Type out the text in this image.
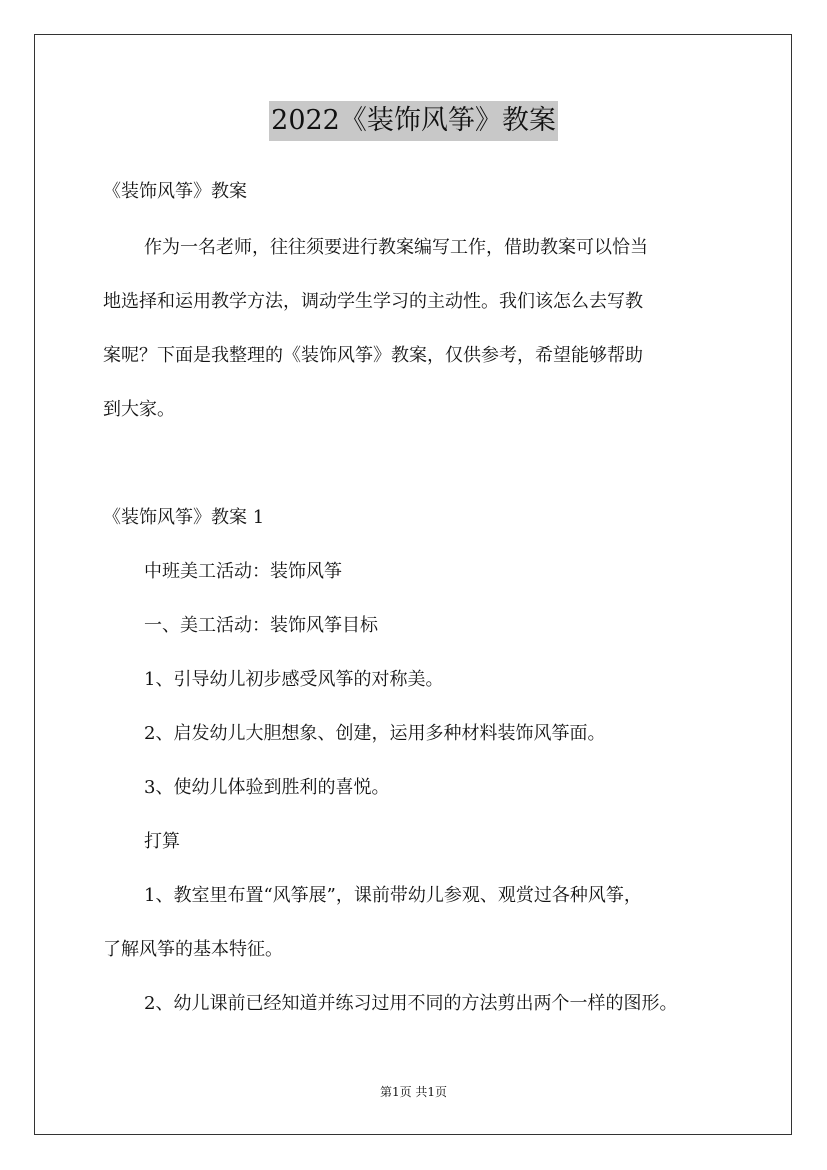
2022《装饰风筝》教案
《装饰风筝》教案
作为一名老师，往往须要进行教案编写工作，借助教案可以恰当
地选择和运用教学方法，调动学生学习的主动性。我们该怎么去写教
案呢？下面是我整理的《装饰风筝》教案，仅供参考，希望能够帮助
到大家。
《装饰风筝》教案 1
中班美工活动：装饰风筝
一、美工活动：装饰风筝目标
1、引导幼儿初步感受风筝的对称美。
2、启发幼儿大胆想象、创建，运用多种材料装饰风筝面。
3、使幼儿体验到胜利的喜悦。
打算
1、教室里布置“风筝展”，课前带幼儿参观、观赏过各种风筝，
了解风筝的基本特征。
2、幼儿课前已经知道并练习过用不同的方法剪出两个一样的图形。
第1页 共1页
